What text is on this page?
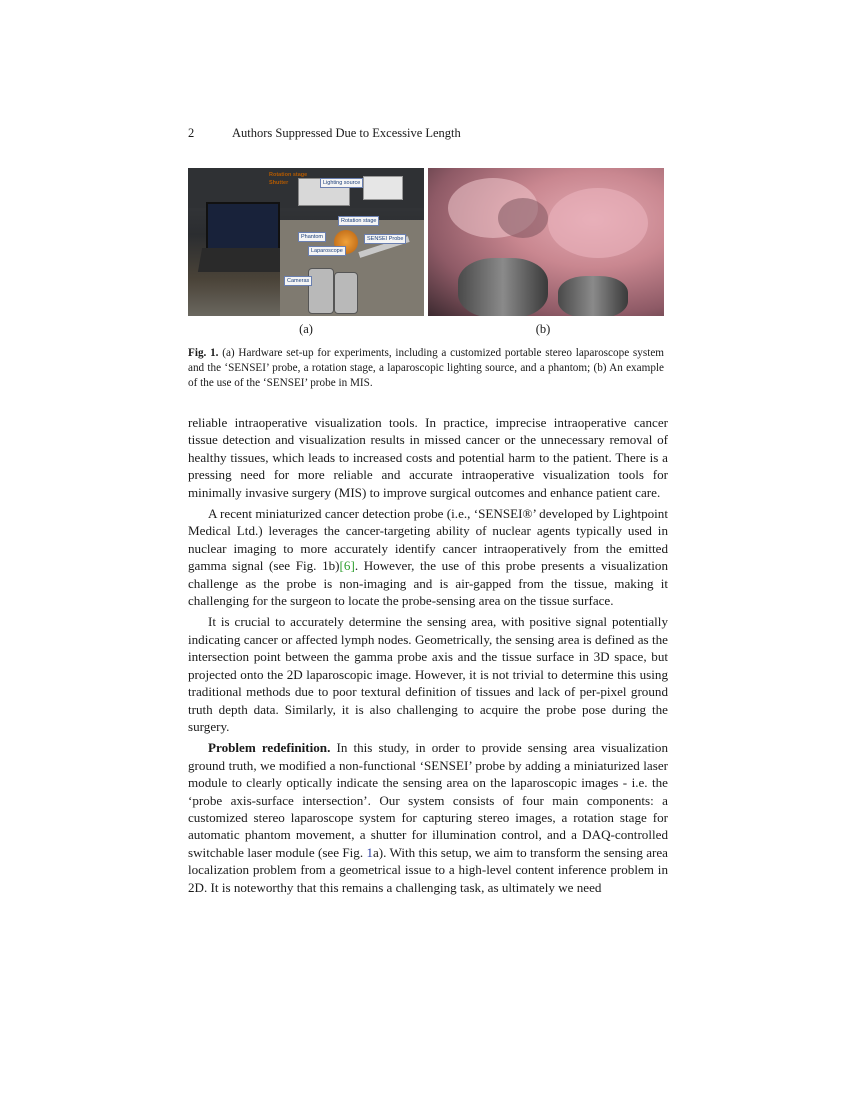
2	Authors Suppressed Due to Excessive Length
Rotation stage
Shutter	Lighting source
Rotation stage
SENSEI Probe
Phantom
Laparoscope
Cameras
(a)	(b)
Fig. 1. (a) Hardware set-up for experiments, including a customized portable stereo laparoscope system and the ‘SENSEI’ probe, a rotation stage, a laparoscopic lighting source, and a phantom; (b) An example of the use of the ‘SENSEI’ probe in MIS.

reliable intraoperative visualization tools. In practice, imprecise intraoperative cancer tissue detection and visualization results in missed cancer or the unnecessary removal of healthy tissues, which leads to increased costs and potential harm to the patient. There is a pressing need for more reliable and accurate intraoperative visualization tools for minimally invasive surgery (MIS) to improve surgical outcomes and enhance patient care.

A recent miniaturized cancer detection probe (i.e., ‘SENSEI®’ developed by Lightpoint Medical Ltd.) leverages the cancer-targeting ability of nuclear agents typically used in nuclear imaging to more accurately identify cancer intraoperatively from the emitted gamma signal (see Fig. 1b)[6]. However, the use of this probe presents a visualization challenge as the probe is non-imaging and is air-gapped from the tissue, making it challenging for the surgeon to locate the probe-sensing area on the tissue surface.

It is crucial to accurately determine the sensing area, with positive signal potentially indicating cancer or affected lymph nodes. Geometrically, the sensing area is defined as the intersection point between the gamma probe axis and the tissue surface in 3D space, but projected onto the 2D laparoscopic image. However, it is not trivial to determine this using traditional methods due to poor textural definition of tissues and lack of per-pixel ground truth depth data. Similarly, it is also challenging to acquire the probe pose during the surgery.

Problem redefinition. In this study, in order to provide sensing area visualization ground truth, we modified a non-functional ‘SENSEI’ probe by adding a miniaturized laser module to clearly optically indicate the sensing area on the laparoscopic images - i.e. the ‘probe axis-surface intersection’. Our system consists of four main components: a customized stereo laparoscope system for capturing stereo images, a rotation stage for automatic phantom movement, a shutter for illumination control, and a DAQ-controlled switchable laser module (see Fig. 1a). With this setup, we aim to transform the sensing area localization problem from a geometrical issue to a high-level content inference problem in 2D. It is noteworthy that this remains a challenging task, as ultimately we need
